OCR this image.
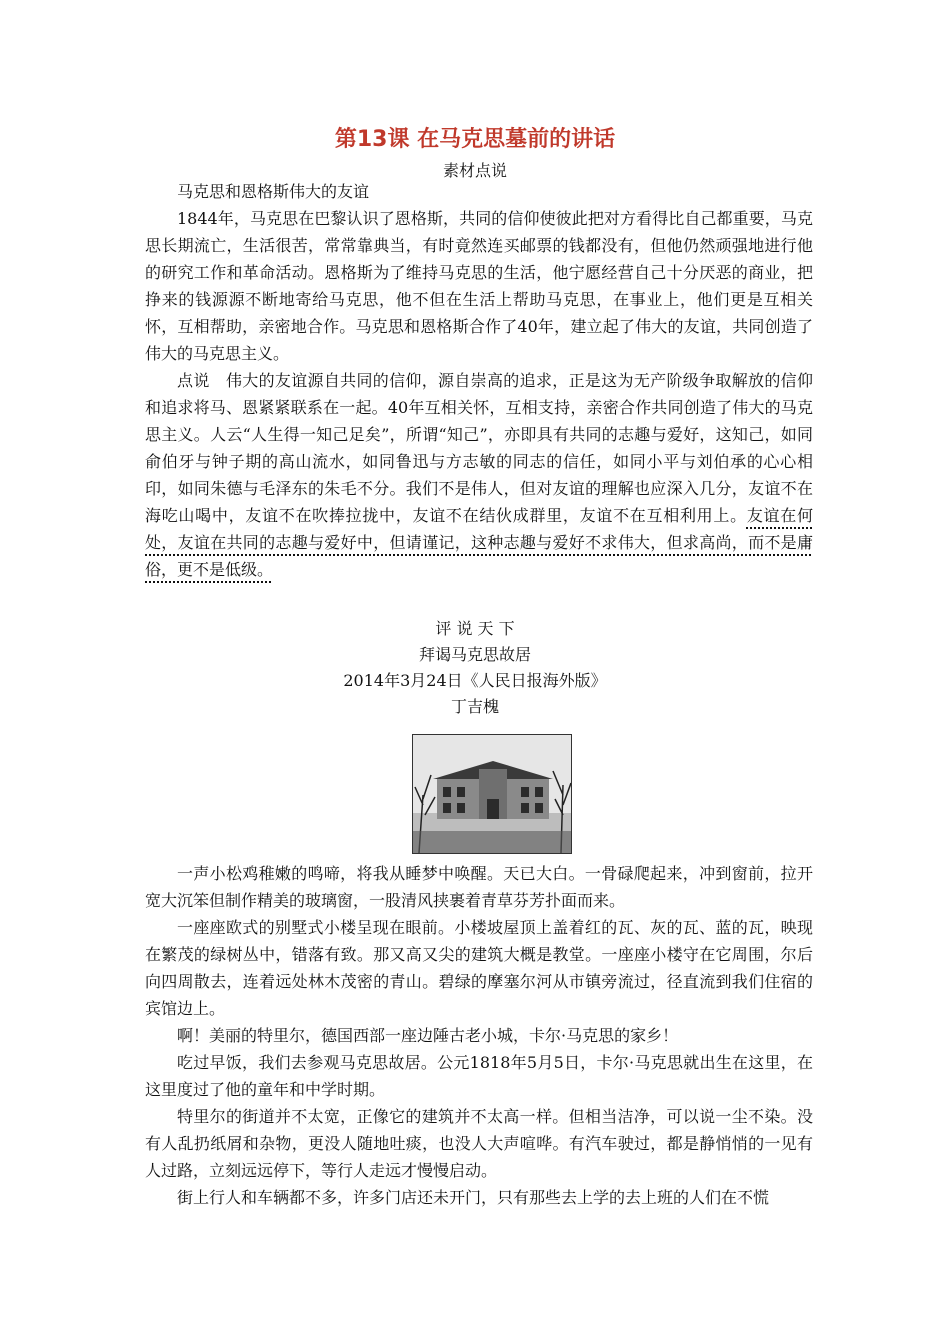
第13课 在马克思墓前的讲话
素材点说

马克思和恩格斯伟大的友谊

1844年，马克思在巴黎认识了恩格斯，共同的信仰使彼此把对方看得比自己都重要，马克思长期流亡，生活很苦，常常靠典当，有时竟然连买邮票的钱都没有，但他仍然顽强地进行他的研究工作和革命活动。恩格斯为了维持马克思的生活，他宁愿经营自己十分厌恶的商业，把挣来的钱源源不断地寄给马克思，他不但在生活上帮助马克思，在事业上，他们更是互相关怀，互相帮助，亲密地合作。马克思和恩格斯合作了40年，建立起了伟大的友谊，共同创造了伟大的马克思主义。

点说　伟大的友谊源自共同的信仰，源自崇高的追求，正是这为无产阶级争取解放的信仰和追求将马、恩紧紧联系在一起。40年互相关怀，互相支持，亲密合作共同创造了伟大的马克思主义。人云“人生得一知己足矣”，所谓“知己”，亦即具有共同的志趣与爱好，这知己，如同俞伯牙与钟子期的高山流水，如同鲁迅与方志敏的同志的信任，如同小平与刘伯承的心心相印，如同朱德与毛泽东的朱毛不分。我们不是伟人，但对友谊的理解也应深入几分，友谊不在海吃山喝中，友谊不在吹捧拉拢中，友谊不在结伙成群里，友谊不在互相利用上。友谊在何处，友谊在共同的志趣与爱好中，但请谨记，这种志趣与爱好不求伟大，但求高尚，而不是庸俗，更不是低级。

评 说 天 下
拜谒马克思故居
2014年3月24日《人民日报海外版》
丁吉槐

一声小松鸡稚嫩的鸣啼，将我从睡梦中唤醒。天已大白。一骨碌爬起来，冲到窗前，拉开宽大沉笨但制作精美的玻璃窗，一股清风挟裹着青草芬芳扑面而来。

一座座欧式的别墅式小楼呈现在眼前。小楼坡屋顶上盖着红的瓦、灰的瓦、蓝的瓦，映现在繁茂的绿树丛中，错落有致。那又高又尖的建筑大概是教堂。一座座小楼守在它周围，尔后向四周散去，连着远处林木茂密的青山。碧绿的摩塞尔河从市镇旁流过，径直流到我们住宿的宾馆边上。

啊！美丽的特里尔，德国西部一座边陲古老小城，卡尔·马克思的家乡！

吃过早饭，我们去参观马克思故居。公元1818年5月5日，卡尔·马克思就出生在这里，在这里度过了他的童年和中学时期。

特里尔的街道并不太宽，正像它的建筑并不太高一样。但相当洁净，可以说一尘不染。没有人乱扔纸屑和杂物，更没人随地吐痰，也没人大声喧哗。有汽车驶过，都是静悄悄的一见有人过路，立刻远远停下，等行人走远才慢慢启动。

街上行人和车辆都不多，许多门店还未开门，只有那些去上学的去上班的人们在不慌
